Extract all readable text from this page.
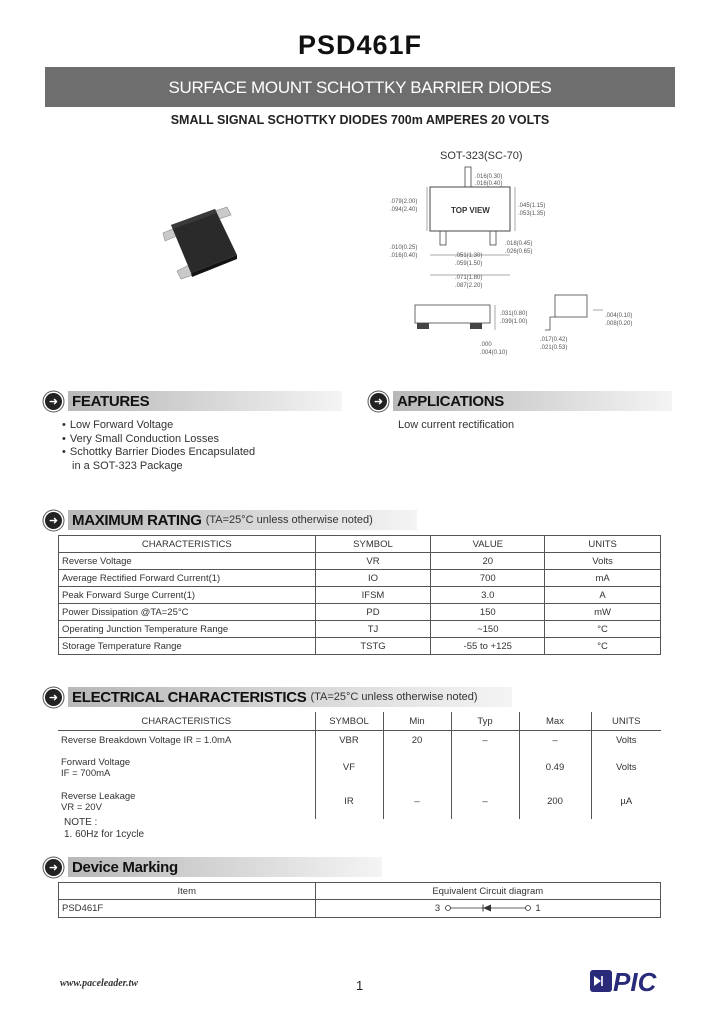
PSD461F
SURFACE MOUNT SCHOTTKY BARRIER DIODES
SMALL SIGNAL SCHOTTKY DIODES 700m AMPERES 20 VOLTS
SOT-323(SC-70)
TOP VIEW
.016(0.30)
.016(0.40)
.079(2.00)
.094(2.40)
.045(1.15)
.053(1.35)
.018(0.45)
.026(0.65)
.010(0.25)
.016(0.40)	.051(1.30)
.059(1.50)
.071(1.80)
.087(2.20)
.031(0.80)
.039(1.00)
.004(0.10)
.008(0.20)
.017(0.42)
.021(0.53)
.000
.004(0.10)
➜ FEATURES
• Low Forward Voltage
• Very Small Conduction Losses
• Schottky Barrier Diodes Encapsulated
in a SOT-323 Package
➜ APPLICATIONS
Low current rectification
➜ MAXIMUM RATING (TA=25°C unless otherwise noted)
CHARACTERISTICS	SYMBOL	VALUE	UNITS
Reverse Voltage	VR	20	Volts
Average Rectified Forward Current(1)	IO	700	mA
Peak Forward Surge Current(1)	IFSM	3.0	A
Power Dissipation @TA=25°C	PD	150	mW
Operating Junction Temperature Range	TJ	~150	°C
Storage Temperature Range	TSTG	-55 to +125	°C
➜ ELECTRICAL CHARACTERISTICS (TA=25°C unless otherwise noted)
CHARACTERISTICS	SYMBOL	Min	Typ	Max	UNITS
Reverse Breakdown Voltage IR = 1.0mA	VBR	20	–	–	Volts

Forward Voltage
IF = 700mA	VF			0.49	Volts

Reverse Leakage
VR = 20V	IR	–	–	200	µA
NOTE :
1. 60Hz for 1cycle
➜ Device Marking
Item	Equivalent Circuit diagram
PSD461F	3 1
www.paceleader.tw	1	PIC
